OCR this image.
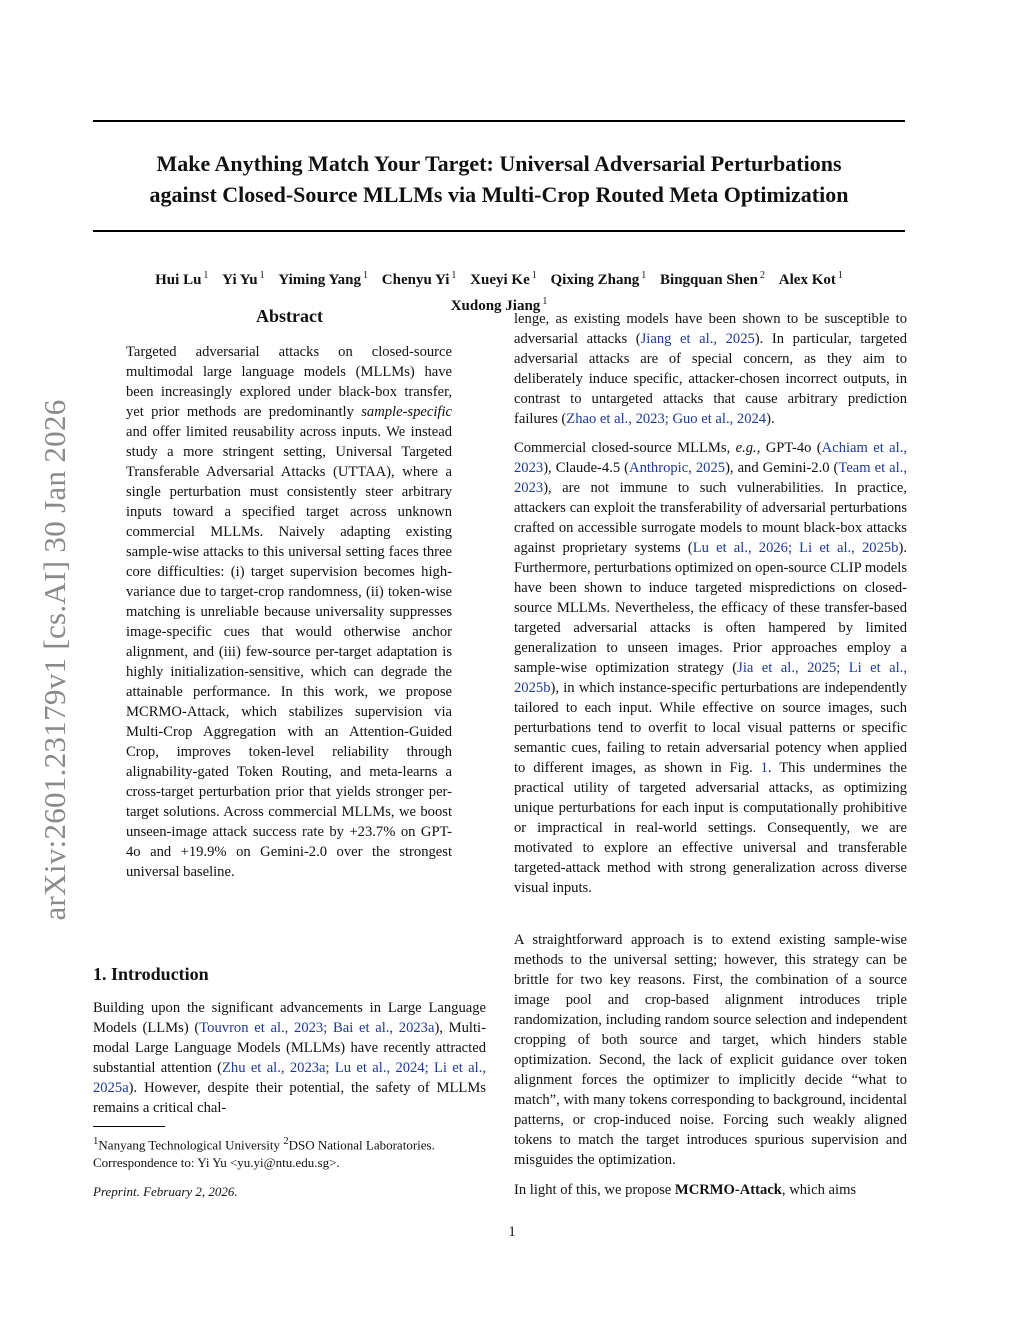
arXiv:2601.23179v1 [cs.AI] 30 Jan 2026
Make Anything Match Your Target: Universal Adversarial Perturbations
against Closed-Source MLLMs via Multi-Crop Routed Meta Optimization
Hui Lu $^1$ Yi Yu $^1$ Yiming Yang $^1$ Chenyu Yi $^1$ Xueyi Ke $^1$ Qixing Zhang $^1$ Bingquan Shen $^2$ Alex Kot $^1$
Xudong Jiang $^1$
Abstract
Targeted adversarial attacks on closed-source multimodal large language models (MLLMs) have been increasingly explored under black-box transfer, yet prior methods are predominantly sample-specific and offer limited reusability across inputs. We instead study a more stringent setting, Universal Targeted Transferable Adversarial Attacks (UTTAA), where a single perturbation must consistently steer arbitrary inputs toward a specified target across unknown commercial MLLMs. Naively adapting existing sample-wise attacks to this universal setting faces three core difficulties: (i) target supervision becomes high-variance due to target-crop randomness, (ii) token-wise matching is unreliable because universality suppresses image-specific cues that would otherwise anchor alignment, and (iii) few-source per-target adaptation is highly initialization-sensitive, which can degrade the attainable performance. In this work, we propose MCRMO-Attack, which stabilizes supervision via Multi-Crop Aggregation with an Attention-Guided Crop, improves token-level reliability through alignability-gated Token Routing, and meta-learns a cross-target perturbation prior that yields stronger per-target solutions. Across commercial MLLMs, we boost unseen-image attack success rate by +23.7% on GPT-4o and +19.9% on Gemini-2.0 over the strongest universal baseline.
1. Introduction

Building upon the significant advancements in Large Language Models (LLMs) (Touvron et al., 2023; Bai et al., 2023a), Multi-modal Large Language Models (MLLMs) have recently attracted substantial attention (Zhu et al., 2023a; Lu et al., 2024; Li et al., 2025a). However, despite their potential, the safety of MLLMs remains a critical chal-

$^1$Nanyang Technological University $^2$DSO National Laboratories. Correspondence to: Yi Yu <yu.yi@ntu.edu.sg>.
Preprint. February 2, 2026.

lenge, as existing models have been shown to be susceptible to adversarial attacks (Jiang et al., 2025). In particular, targeted adversarial attacks are of special concern, as they aim to deliberately induce specific, attacker-chosen incorrect outputs, in contrast to untargeted attacks that cause arbitrary prediction failures (Zhao et al., 2023; Guo et al., 2024).

Commercial closed-source MLLMs, e.g., GPT-4o (Achiam et al., 2023), Claude-4.5 (Anthropic, 2025), and Gemini-2.0 (Team et al., 2023), are not immune to such vulnerabilities. In practice, attackers can exploit the transferability of adversarial perturbations crafted on accessible surrogate models to mount black-box attacks against proprietary systems (Lu et al., 2026; Li et al., 2025b). Furthermore, perturbations optimized on open-source CLIP models have been shown to induce targeted mispredictions on closed-source MLLMs. Nevertheless, the efficacy of these transfer-based targeted adversarial attacks is often hampered by limited generalization to unseen images. Prior approaches employ a sample-wise optimization strategy (Jia et al., 2025; Li et al., 2025b), in which instance-specific perturbations are independently tailored to each input. While effective on source images, such perturbations tend to overfit to local visual patterns or specific semantic cues, failing to retain adversarial potency when applied to different images, as shown in Fig. 1. This undermines the practical utility of targeted adversarial attacks, as optimizing unique perturbations for each input is computationally prohibitive or impractical in real-world settings. Consequently, we are motivated to explore an effective universal and transferable targeted-attack method with strong generalization across diverse visual inputs.

A straightforward approach is to extend existing sample-wise methods to the universal setting; however, this strategy can be brittle for two key reasons. First, the combination of a source image pool and crop-based alignment introduces triple randomization, including random source selection and independent cropping of both source and target, which hinders stable optimization. Second, the lack of explicit guidance over token alignment forces the optimizer to implicitly decide “what to match”, with many tokens corresponding to background, incidental patterns, or crop-induced noise. Forcing such weakly aligned tokens to match the target introduces spurious supervision and misguides the optimization.

In light of this, we propose MCRMO-Attack, which aims

1
